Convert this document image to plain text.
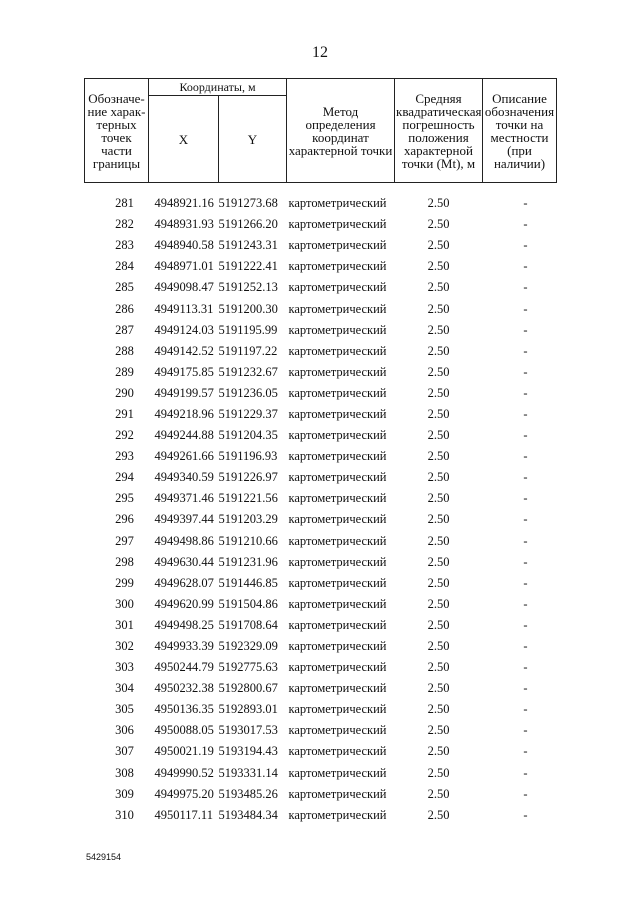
12
Обозначе-ние харак-терных точек части границы	Координаты, м		Метод определения координат характерной точки	Средняя квадратическая погрешность положения характерной точки (Mt), м	Описание обозначения точки на местности (при наличии)
	X	Y			
281	4948921.16	5191273.68	картометрический	2.50	-
282	4948931.93	5191266.20	картометрический	2.50	-
283	4948940.58	5191243.31	картометрический	2.50	-
284	4948971.01	5191222.41	картометрический	2.50	-
285	4949098.47	5191252.13	картометрический	2.50	-
286	4949113.31	5191200.30	картометрический	2.50	-
287	4949124.03	5191195.99	картометрический	2.50	-
288	4949142.52	5191197.22	картометрический	2.50	-
289	4949175.85	5191232.67	картометрический	2.50	-
290	4949199.57	5191236.05	картометрический	2.50	-
291	4949218.96	5191229.37	картометрический	2.50	-
292	4949244.88	5191204.35	картометрический	2.50	-
293	4949261.66	5191196.93	картометрический	2.50	-
294	4949340.59	5191226.97	картометрический	2.50	-
295	4949371.46	5191221.56	картометрический	2.50	-
296	4949397.44	5191203.29	картометрический	2.50	-
297	4949498.86	5191210.66	картометрический	2.50	-
298	4949630.44	5191231.96	картометрический	2.50	-
299	4949628.07	5191446.85	картометрический	2.50	-
300	4949620.99	5191504.86	картометрический	2.50	-
301	4949498.25	5191708.64	картометрический	2.50	-
302	4949933.39	5192329.09	картометрический	2.50	-
303	4950244.79	5192775.63	картометрический	2.50	-
304	4950232.38	5192800.67	картометрический	2.50	-
305	4950136.35	5192893.01	картометрический	2.50	-
306	4950088.05	5193017.53	картометрический	2.50	-
307	4950021.19	5193194.43	картометрический	2.50	-
308	4949990.52	5193331.14	картометрический	2.50	-
309	4949975.20	5193485.26	картометрический	2.50	-
310	4950117.11	5193484.34	картометрический	2.50	-
5429154
